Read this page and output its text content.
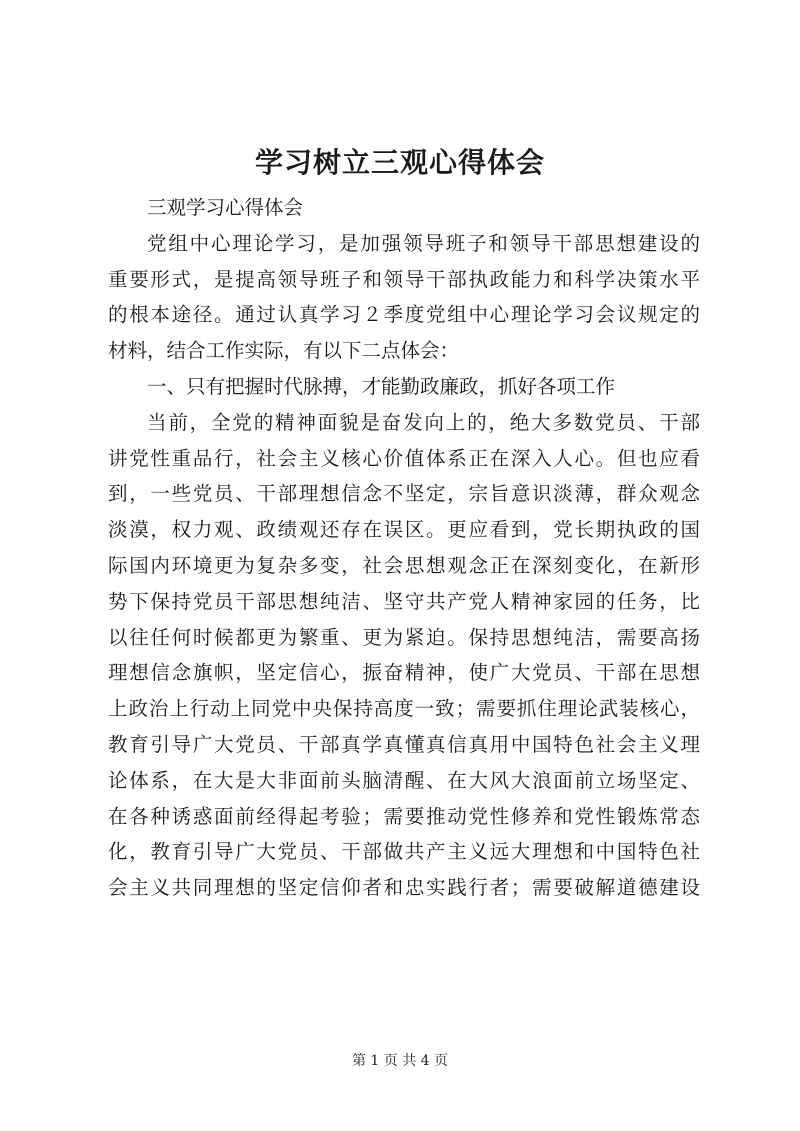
学习树立三观心得体会
三观学习心得体会
党组中心理论学习，是加强领导班子和领导干部思想建设的
重要形式，是提高领导班子和领导干部执政能力和科学决策水平
的根本途径。通过认真学习２季度党组中心理论学习会议规定的
材料，结合工作实际，有以下二点体会：
一、只有把握时代脉搏，才能勤政廉政，抓好各项工作
当前，全党的精神面貌是奋发向上的，绝大多数党员、干部
讲党性重品行，社会主义核心价值体系正在深入人心。但也应看
到，一些党员、干部理想信念不坚定，宗旨意识淡薄，群众观念
淡漠，权力观、政绩观还存在误区。更应看到，党长期执政的国
际国内环境更为复杂多变，社会思想观念正在深刻变化，在新形
势下保持党员干部思想纯洁、坚守共产党人精神家园的任务，比
以往任何时候都更为繁重、更为紧迫。保持思想纯洁，需要高扬
理想信念旗帜，坚定信心，振奋精神，使广大党员、干部在思想
上政治上行动上同党中央保持高度一致；需要抓住理论武装核心，
教育引导广大党员、干部真学真懂真信真用中国特色社会主义理
论体系，在大是大非面前头脑清醒、在大风大浪面前立场坚定、
在各种诱惑面前经得起考验；需要推动党性修养和党性锻炼常态
化，教育引导广大党员、干部做共产主义远大理想和中国特色社
会主义共同理想的坚定信仰者和忠实践行者；需要破解道德建设
第 1 页 共 4 页
